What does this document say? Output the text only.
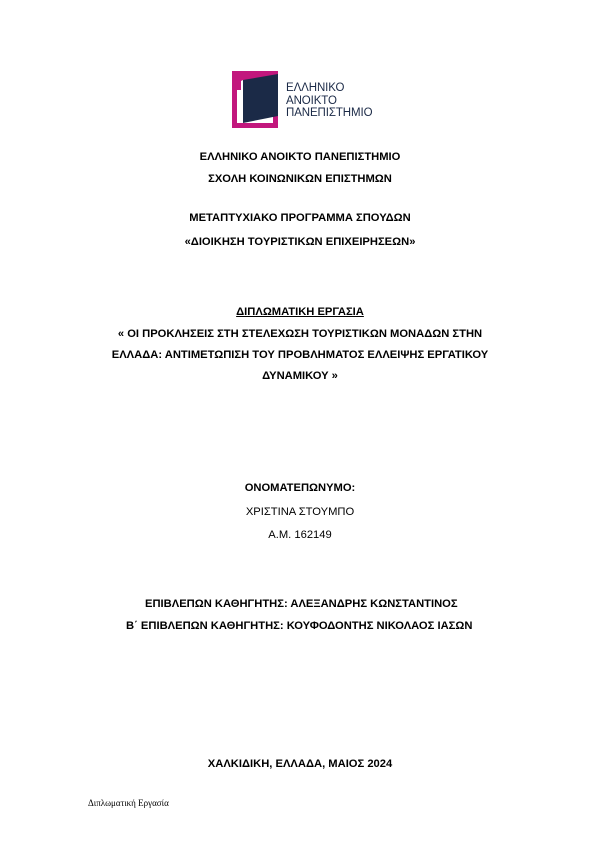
ΕΛΛΗΝΙΚΟ
ΑΝΟΙΚΤΟ
ΠΑΝΕΠΙΣΤΗΜΙΟ
ΕΛΛΗΝΙΚΟ ΑΝΟΙΚΤΟ ΠΑΝΕΠΙΣΤΗΜΙΟ
ΣΧΟΛΗ ΚΟΙΝΩΝΙΚΩΝ ΕΠΙΣΤΗΜΩΝ
ΜΕΤΑΠΤΥΧΙΑΚΟ ΠΡΟΓΡΑΜΜΑ ΣΠΟΥΔΩΝ
«ΔΙΟΙΚΗΣΗ ΤΟΥΡΙΣΤΙΚΩΝ ΕΠΙΧΕΙΡΗΣΕΩΝ»
ΔΙΠΛΩΜΑΤΙΚΗ ΕΡΓΑΣΙΑ
« ΟΙ ΠΡΟΚΛΗΣΕΙΣ ΣΤΗ ΣΤΕΛΕΧΩΣΗ ΤΟΥΡΙΣΤΙΚΩΝ ΜΟΝΑΔΩΝ ΣΤΗΝ
ΕΛΛΑΔΑ: ΑΝΤΙΜΕΤΩΠΙΣΗ ΤΟΥ ΠΡΟΒΛΗΜΑΤΟΣ ΕΛΛΕΙΨΗΣ ΕΡΓΑΤΙΚΟΥ
ΔΥΝΑΜΙΚΟΥ »
ΟΝΟΜΑΤΕΠΩΝΥΜΟ:
ΧΡΙΣΤΙΝΑ ΣΤΟΥΜΠΟ
Α.Μ. 162149
ΕΠΙΒΛΕΠΩΝ ΚΑΘΗΓΗΤΗΣ: ΑΛΕΞΑΝΔΡΗΣ ΚΩΝΣΤΑΝΤΙΝΟΣ
Β΄ ΕΠΙΒΛΕΠΩΝ ΚΑΘΗΓΗΤΗΣ: ΚΟΥΦΟΔΟΝΤΗΣ ΝΙΚΟΛΑΟΣ ΙΑΣΩΝ
ΧΑΛΚΙΔΙΚΗ, ΕΛΛΑΔΑ, ΜΑΙΟΣ 2024
Διπλωματική Εργασία
